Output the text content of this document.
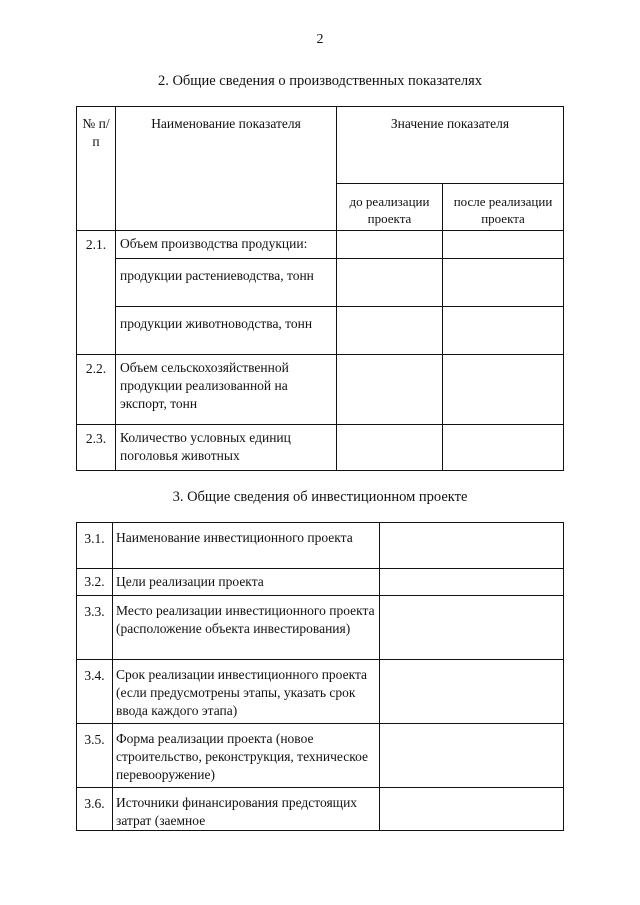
2
2. Общие сведения о производственных показателях
№ п/п	Наименование показателя	Значение показателя	
		до реализации проекта	после реализации проекта
2.1.	Объем производства продукции:		
	продукции растениеводства, тонн		
	продукции животноводства, тонн		
2.2.	Объем сельскохозяйственной продукции реализованной на экспорт, тонн		
2.3.	Количество условных единиц поголовья животных		
3. Общие сведения об инвестиционном проекте
3.1.	Наименование инвестиционного проекта	
3.2.	Цели реализации проекта	
3.3.	Место реализации инвестиционного проекта (расположение объекта инвестирования)	
3.4.	Срок реализации инвестиционного проекта (если предусмотрены этапы, указать срок ввода каждого этапа)	
3.5.	Форма реализации проекта (новое строительство, реконструкция, техническое перевооружение)	
3.6.	Источники финансирования предстоящих затрат (заемное	
